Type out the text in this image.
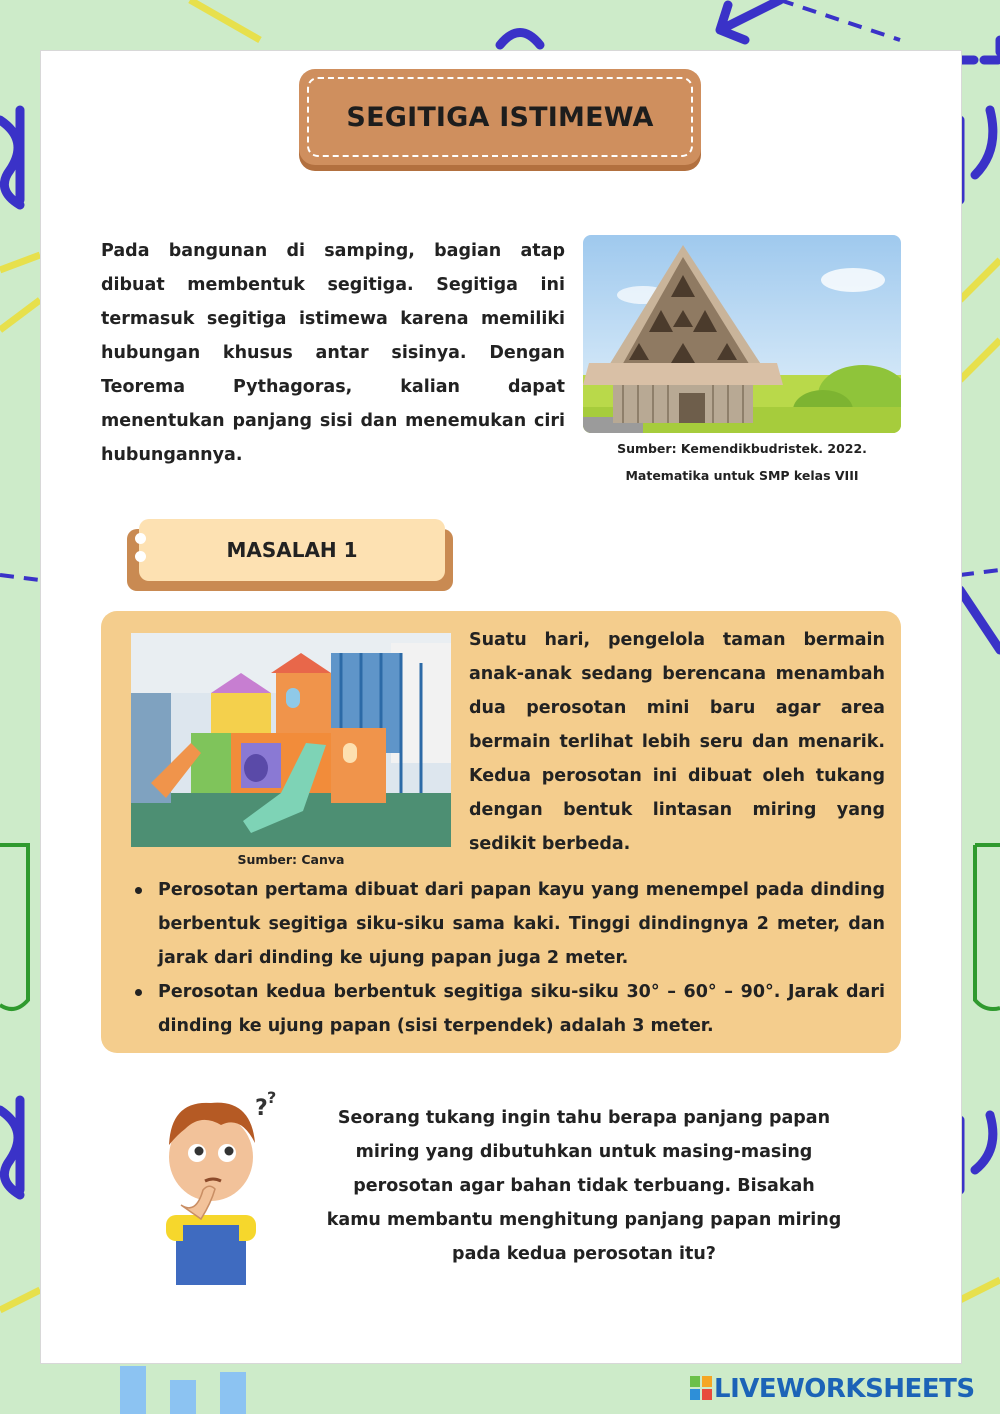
SEGITIGA ISTIMEWA

Pada bangunan di samping, bagian atap dibuat membentuk segitiga. Segitiga ini termasuk segitiga istimewa karena memiliki hubungan khusus antar sisinya. Dengan Teorema Pythagoras, kalian dapat menentukan panjang sisi dan menemukan ciri hubungannya.	Sumber: Kemendikbudristek. 2022.
Matematika untuk SMP kelas VIII
MASALAH 1
Sumber: Canva

Suatu hari, pengelola taman bermain anak-anak sedang berencana menambah dua perosotan mini baru agar area bermain terlihat lebih seru dan menarik. Kedua perosotan ini dibuat oleh tukang dengan bentuk lintasan miring yang sedikit berbeda.

Perosotan pertama dibuat dari papan kayu yang menempel pada dinding berbentuk segitiga siku-siku sama kaki. Tinggi dindingnya 2 meter, dan jarak dari dinding ke ujung papan juga 2 meter.
Perosotan kedua berbentuk segitiga siku-siku 30° – 60° – 90°. Jarak dari dinding ke ujung papan (sisi terpendek) adalah 3 meter.
? ?
Seorang tukang ingin tahu berapa panjang papan
miring yang dibutuhkan untuk masing-masing
perosotan agar bahan tidak terbuang. Bisakah
kamu membantu menghitung panjang papan miring
pada kedua perosotan itu?
LIVEWORKSHEETS
